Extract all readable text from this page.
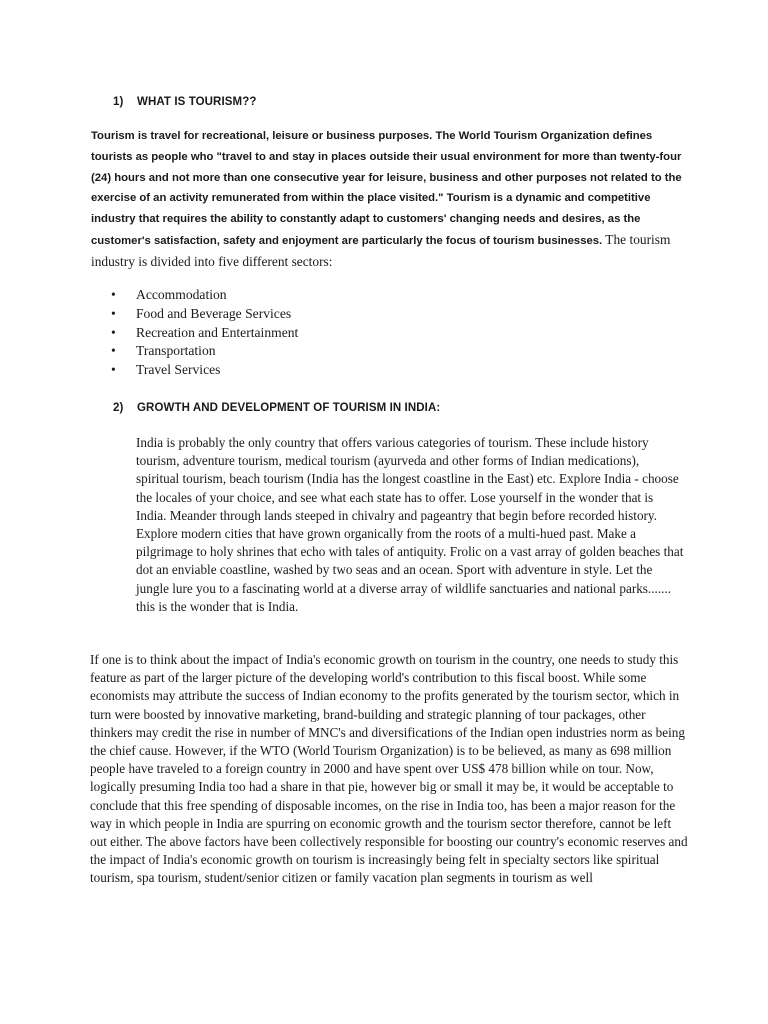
1) WHAT IS TOURISM??

Tourism is travel for recreational, leisure or business purposes. The World Tourism Organization defines tourists as people who "travel to and stay in places outside their usual environment for more than twenty-four (24) hours and not more than one consecutive year for leisure, business and other purposes not related to the exercise of an activity remunerated from within the place visited." Tourism is a dynamic and competitive industry that requires the ability to constantly adapt to customers' changing needs and desires, as the customer's satisfaction, safety and enjoyment are particularly the focus of tourism businesses. The tourism industry is divided into five different sectors:

• Accommodation
• Food and Beverage Services
• Recreation and Entertainment
• Transportation
• Travel Services
2) GROWTH AND DEVELOPMENT OF TOURISM IN INDIA:

India is probably the only country that offers various categories of tourism. These include history tourism, adventure tourism, medical tourism (ayurveda and other forms of Indian medications), spiritual tourism, beach tourism (India has the longest coastline in the East) etc. Explore India - choose the locales of your choice, and see what each state has to offer. Lose yourself in the wonder that is India. Meander through lands steeped in chivalry and pageantry that begin before recorded history. Explore modern cities that have grown organically from the roots of a multi-hued past. Make a pilgrimage to holy shrines that echo with tales of antiquity. Frolic on a vast array of golden beaches that dot an enviable coastline, washed by two seas and an ocean. Sport with adventure in style. Let the jungle lure you to a fascinating world at a diverse array of wildlife sanctuaries and national parks....... this is the wonder that is India.

If one is to think about the impact of India's economic growth on tourism in the country, one needs to study this feature as part of the larger picture of the developing world's contribution to this fiscal boost. While some economists may attribute the success of Indian economy to the profits generated by the tourism sector, which in turn were boosted by innovative marketing, brand-building and strategic planning of tour packages, other thinkers may credit the rise in number of MNC's and diversifications of the Indian open industries norm as being the chief cause. However, if the WTO (World Tourism Organization) is to be believed, as many as 698 million people have traveled to a foreign country in 2000 and have spent over US$ 478 billion while on tour. Now, logically presuming India too had a share in that pie, however big or small it may be, it would be acceptable to conclude that this free spending of disposable incomes, on the rise in India too, has been a major reason for the way in which people in India are spurring on economic growth and the tourism sector therefore, cannot be left out either. The above factors have been collectively responsible for boosting our country's economic reserves and the impact of India's economic growth on tourism is increasingly being felt in specialty sectors like spiritual tourism, spa tourism, student/senior citizen or family vacation plan segments in tourism as well
